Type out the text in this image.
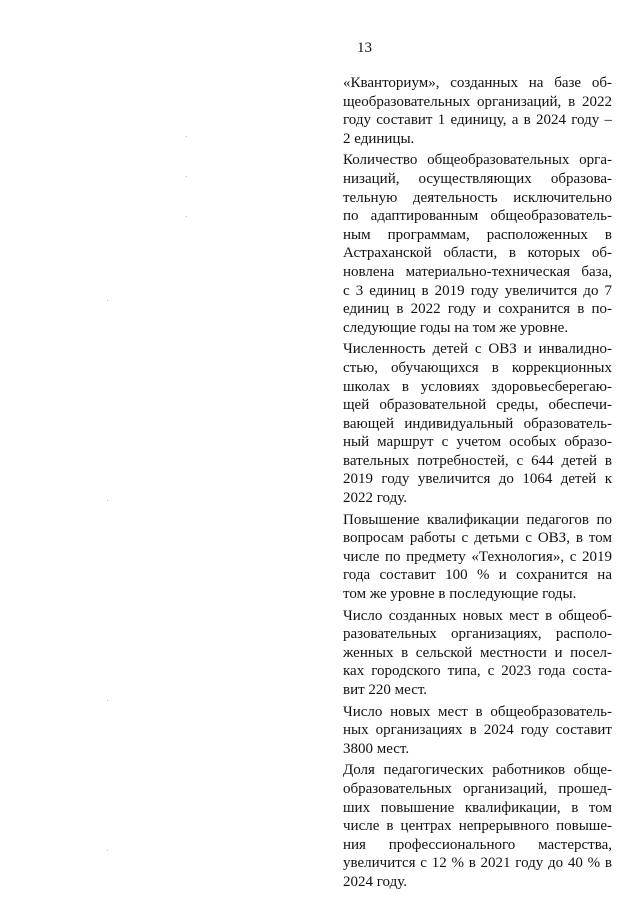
13
«Кванториум», созданных на базе об-
щеобразовательных организаций, в 2022
году составит 1 единицу, а в 2024 году –
2 единицы.
Количество общеобразовательных орга-
низаций, осуществляющих образова-
тельную деятельность исключительно
по адаптированным общеобразователь-
ным программам, расположенных в
Астраханской области, в которых об-
новлена материально-техническая база,
с 3 единиц в 2019 году увеличится до 7
единиц в 2022 году и сохранится в по-
следующие годы на том же уровне.
Численность детей с ОВЗ и инвалидно-
стью, обучающихся в коррекционных
школах в условиях здоровьесберегаю-
щей образовательной среды, обеспечи-
вающей индивидуальный образователь-
ный маршрут с учетом особых образо-
вательных потребностей, с 644 детей в
2019 году увеличится до 1064 детей к
2022 году.
Повышение квалификации педагогов по
вопросам работы с детьми с ОВЗ, в том
числе по предмету «Технология», с 2019
года составит 100 % и сохранится на
том же уровне в последующие годы.
Число созданных новых мест в общеоб-
разовательных организациях, располо-
женных в сельской местности и посел-
ках городского типа, с 2023 года соста-
вит 220 мест.
Число новых мест в общеобразователь-
ных организациях в 2024 году составит
3800 мест.
Доля педагогических работников обще-
образовательных организаций, прошед-
ших повышение квалификации, в том
числе в центрах непрерывного повыше-
ния профессионального мастерства,
увеличится с 12 % в 2021 году до 40 % в
2024 году.
